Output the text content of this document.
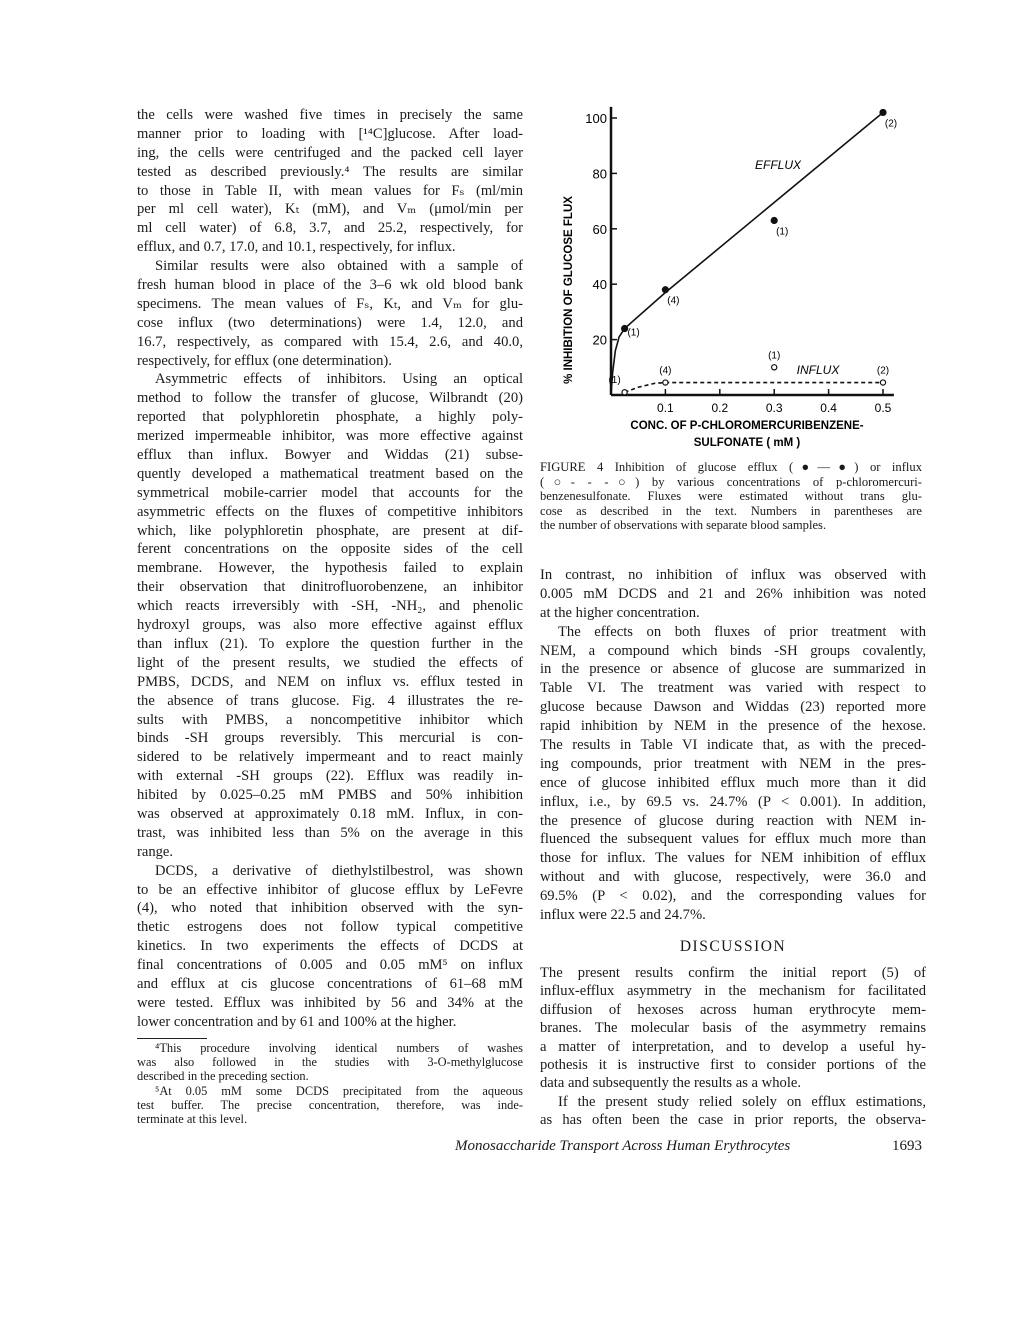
the cells were washed five times in precisely the same
manner prior to loading with [¹⁴C]glucose. After load-
ing, the cells were centrifuged and the packed cell layer
tested as described previously.⁴ The results are similar
to those in Table II, with mean values for Fₛ (ml/min
per ml cell water), Kₜ (mM), and Vₘ (μmol/min per
ml cell water) of 6.8, 3.7, and 25.2, respectively, for
efflux, and 0.7, 17.0, and 10.1, respectively, for influx.
Similar results were also obtained with a sample of
fresh human blood in place of the 3–6 wk old blood bank
specimens. The mean values of Fₛ, Kₜ, and Vₘ for glu-
cose influx (two determinations) were 1.4, 12.0, and
16.7, respectively, as compared with 15.4, 2.6, and 40.0,
respectively, for efflux (one determination).
Asymmetric effects of inhibitors. Using an optical
method to follow the transfer of glucose, Wilbrandt (20)
reported that polyphloretin phosphate, a highly poly-
merized impermeable inhibitor, was more effective against
efflux than influx. Bowyer and Widdas (21) subse-
quently developed a mathematical treatment based on the
symmetrical mobile-carrier model that accounts for the
asymmetric effects on the fluxes of competitive inhibitors
which, like polyphloretin phosphate, are present at dif-
ferent concentrations on the opposite sides of the cell
membrane. However, the hypothesis failed to explain
their observation that dinitrofluorobenzene, an inhibitor
which reacts irreversibly with -SH, -NH₂, and phenolic
hydroxyl groups, was also more effective against efflux
than influx (21). To explore the question further in the
light of the present results, we studied the effects of
PMBS, DCDS, and NEM on influx vs. efflux tested in
the absence of trans glucose. Fig. 4 illustrates the re-
sults with PMBS, a noncompetitive inhibitor which
binds -SH groups reversibly. This mercurial is con-
sidered to be relatively impermeant and to react mainly
with external -SH groups (22). Efflux was readily in-
hibited by 0.025–0.25 mM PMBS and 50% inhibition
was observed at approximately 0.18 mM. Influx, in con-
trast, was inhibited less than 5% on the average in this
range.
DCDS, a derivative of diethylstilbestrol, was shown
to be an effective inhibitor of glucose efflux by LeFevre
(4), who noted that inhibition observed with the syn-
thetic estrogens does not follow typical competitive
kinetics. In two experiments the effects of DCDS at
final concentrations of 0.005 and 0.05 mM⁵ on influx
and efflux at cis glucose concentrations of 61–68 mM
were tested. Efflux was inhibited by 56 and 34% at the
lower concentration and by 61 and 100% at the higher.
⁴This procedure involving identical numbers of washes
was also followed in the studies with 3-O-methylglucose
described in the preceding section.
⁵At 0.05 mM some DCDS precipitated from the aqueous
test buffer. The precise concentration, therefore, was inde-
terminate at this level.
20
40
60
80
100
0.1	0.2	0.3	0.4	0.5
CONC. OF P-CHLOROMERCURIBENZENE-
SULFONATE ( mM )
% INHIBITION OF GLUCOSE FLUX	(1)
(4)
(1)
(2)
(1)
(4)
(1)
(2)
EFFLUX
INFLUX
FIGURE 4 Inhibition of glucose efflux (●—●) or influx
(○- - -○) by various concentrations of p-chloromercuri-
benzenesulfonate. Fluxes were estimated without trans glu-
cose as described in the text. Numbers in parentheses are
the number of observations with separate blood samples.
In contrast, no inhibition of influx was observed with
0.005 mM DCDS and 21 and 26% inhibition was noted
at the higher concentration.
The effects on both fluxes of prior treatment with
NEM, a compound which binds -SH groups covalently,
in the presence or absence of glucose are summarized in
Table VI. The treatment was varied with respect to
glucose because Dawson and Widdas (23) reported more
rapid inhibition by NEM in the presence of the hexose.
The results in Table VI indicate that, as with the preced-
ing compounds, prior treatment with NEM in the pres-
ence of glucose inhibited efflux much more than it did
influx, i.e., by 69.5 vs. 24.7% (P < 0.001). In addition,
the presence of glucose during reaction with NEM in-
fluenced the subsequent values for efflux much more than
those for influx. The values for NEM inhibition of efflux
without and with glucose, respectively, were 36.0 and
69.5% (P < 0.02), and the corresponding values for
influx were 22.5 and 24.7%.
DISCUSSION
The present results confirm the initial report (5) of
influx-efflux asymmetry in the mechanism for facilitated
diffusion of hexoses across human erythrocyte mem-
branes. The molecular basis of the asymmetry remains
a matter of interpretation, and to develop a useful hy-
pothesis it is instructive first to consider portions of the
data and subsequently the results as a whole.
If the present study relied solely on efflux estimations,
as has often been the case in prior reports, the observa-
Monosaccharide Transport Across Human Erythrocytes	1693
